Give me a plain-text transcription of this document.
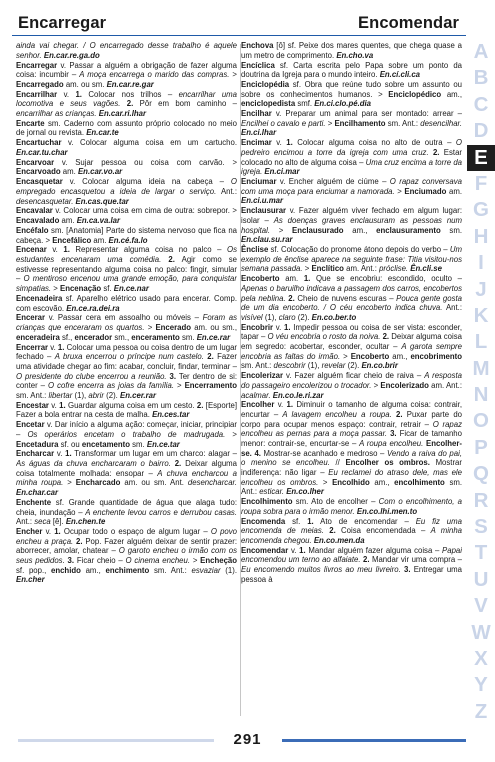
Encarregar	Encomendar

ainda vai chegar. / O encarregado desse trabalho é aquele senhor. En.car.re.ga.do

Encarregar v. Passar a alguém a obrigação de fazer alguma coisa: incumbir – A moça encarrega o marido das compras. > Encarregado am. ou sm. En.car.re.gar

Encarrilhar v. 1. Colocar nos trilhos – encarrilhar uma locomotiva e seus vagões. 2. Pôr em bom caminho – encarrilhar as crianças. En.car.ri.lhar

Encarte sm. Caderno com assunto próprio colocado no meio de jornal ou revista. En.car.te

Encartuchar v. Colocar alguma coisa em um cartucho. En.car.tu.char

Encarvoar v. Sujar pessoa ou coisa com carvão. > Encarvoado am. En.car.vo.ar

Encasquetar v. Colocar alguma ideia na cabeça – O empregado encasquetou a ideia de largar o serviço. Ant.: desencasquetar. En.cas.que.tar

Encavalar v. Colocar uma coisa em cima de outra: sobrepor. > Encavalado am. En.ca.va.lar

Encéfalo sm. [Anatomia] Parte do sistema nervoso que fica na cabeça. > Encefálico am. En.cé.fa.lo

Encenar v. 1. Representar alguma coisa no palco – Os estudantes encenaram uma comédia. 2. Agir como se estivesse representando alguma coisa no palco: fingir, simular – O mentiroso encenou uma grande emoção, para conquistar simpatias. > Encenação sf. En.ce.nar

Encenadeira sf. Aparelho elétrico usado para encerar. Comp. com escovão. En.ce.ra.dei.ra

Encerar v. Passar cera em assoalho ou móveis – Foram as crianças que enceraram os quartos. > Encerado am. ou sm., enceradeira sf., encerador sm., enceramento sm. En.ce.rar

Encerrar v. 1. Colocar uma pessoa ou coisa dentro de um lugar fechado – A bruxa encerrou o príncipe num castelo. 2. Fazer uma atividade chegar ao fim: acabar, concluir, findar, terminar – O presidente do clube encerrou a reunião. 3. Ter dentro de si: conter – O cofre encerra as joias da família. > Encerramento sm. Ant.: libertar (1), abrir (2). En.cer.rar

Encestar v. 1. Guardar alguma coisa em um cesto. 2. [Esporte] Fazer a bola entrar na cesta de malha. En.ces.tar

Encetar v. Dar início a alguma ação: começar, iniciar, principiar – Os operários encetam o trabalho de madrugada. > Encetadura sf. ou encetamento sm. En.ce.tar

Encharcar v. 1. Transformar um lugar em um charco: alagar – As águas da chuva encharcaram o bairro. 2. Deixar alguma coisa totalmente molhada: ensopar – A chuva encharcou a minha roupa. > Encharcado am. ou sm. Ant. desencharcar. En.char.car

Enchente sf. Grande quantidade de água que alaga tudo: cheia, inundação – A enchente levou carros e derrubou casas. Ant.: seca [ê]. En.chen.te

Encher v. 1. Ocupar todo o espaço de algum lugar – O povo encheu a praça. 2. Pop. Fazer alguém deixar de sentir prazer: aborrecer, amolar, chatear – O garoto encheu o irmão com os seus pedidos. 3. Ficar cheio – O cinema encheu. > Encheção sf. pop., enchido am., enchimento sm. Ant.: esvaziar (1). En.cher

Enchova [ô] sf. Peixe dos mares quentes, que chega quase a um metro de comprimento. En.cho.va

Encíclica sf. Carta escrita pelo Papa sobre um ponto da doutrina da Igreja para o mundo inteiro. En.cí.cli.ca

Enciclopédia sf. Obra que reúne tudo sobre um assunto ou sobre os conhecimentos humanos. > Enciclopédico am., enciclopedista smf. En.ci.clo.pé.dia

Encilhar v. Preparar um animal para ser montado: arrear – Encilhei o cavalo e parti. > Encilhamento sm. Ant.: desencilhar. En.ci.lhar

Encimar v. 1. Colocar alguma coisa no alto de outra – O pedreiro encimou a torre da igreja com uma cruz. 2. Estar colocado no alto de alguma coisa – Uma cruz encima a torre da igreja. En.ci.mar

Enciumar v. Encher alguém de ciúme – O rapaz conversava com uma moça para enciumar a namorada. > Enciumado am. En.ci.u.mar

Enclausurar v. Fazer alguém viver fechado em algum lugar: isolar – As doenças graves enclausuram as pessoas num hospital. > Enclausurado am., enclausuramento sm. En.clau.su.rar

Ênclise sf. Colocação do pronome átono depois do verbo – Um exemplo de ênclise aparece na seguinte frase: Titia visitou-nos semana passada. > Enclítico am. Ant.: próclise. Ên.cli.se

Encoberto am. 1. Que se encobriu: escondido, oculto – Apenas o baruilho indicava a passagem dos carros, encobertos pela neblina. 2. Cheio de nuvens escuras – Pouca gente gosta de um dia encoberto. / O céu encoberto indica chuva. Ant.: visível (1), claro (2). En.co.ber.to

Encobrir v. 1. Impedir pessoa ou coisa de ser vista: esconder, tapar – O véu encobria o rosto da noiva. 2. Deixar alguma coisa em segredo: acobertar, esconder, ocultar – A garota sempre encobria as faltas do irmão. > Encoberto am., encobrimento sm. Ant.: descobrir (1), revelar (2). En.co.brir

Encolerizar v. Fazer alguém ficar cheio de raiva – A resposta do passageiro encolerizou o trocador. > Encolerizado am. Ant.: acalmar. En.co.le.ri.zar

Encolher v. 1. Diminuir o tamanho de alguma coisa: contrair, encurtar – A lavagem encolheu a roupa. 2. Puxar parte do corpo para ocupar menos espaço: contrair, retrair – O rapaz encolheu as pernas para a moça passar. 3. Ficar de tamanho menor: contrair-se, encurtar-se – A roupa encolheu. Encolher-se. 4. Mostrar-se acanhado e medroso – Vendo a raiva do pai, o menino se encolheu. // Encolher os ombros. Mostrar indiferença: não ligar – Eu reclamei do atraso dele, mas ele encolheu os ombros. > Encolhido am., encolhimento sm. Ant.: esticar. En.co.lher

Encolhimento sm. Ato de encolher – Com o encolhimento, a roupa sobra para o irmão menor. En.co.lhi.men.to

Encomenda sf. 1. Ato de encomendar – Eu fiz uma encomenda de meias. 2. Coisa encomendada – A minha encomenda chegou. En.co.men.da

Encomendar v. 1. Mandar alguém fazer alguma coisa – Papai encomendou um terno ao alfaiate. 2. Mandar vir uma compra – Eu encomendo muitos livros ao meu livreiro. 3. Entregar uma pessoa à

A
B
C
D
E
F
G
H
I
J
K
L
M
N
O
P
Q
R
S
T
U
V
W
X
Y
Z
291
